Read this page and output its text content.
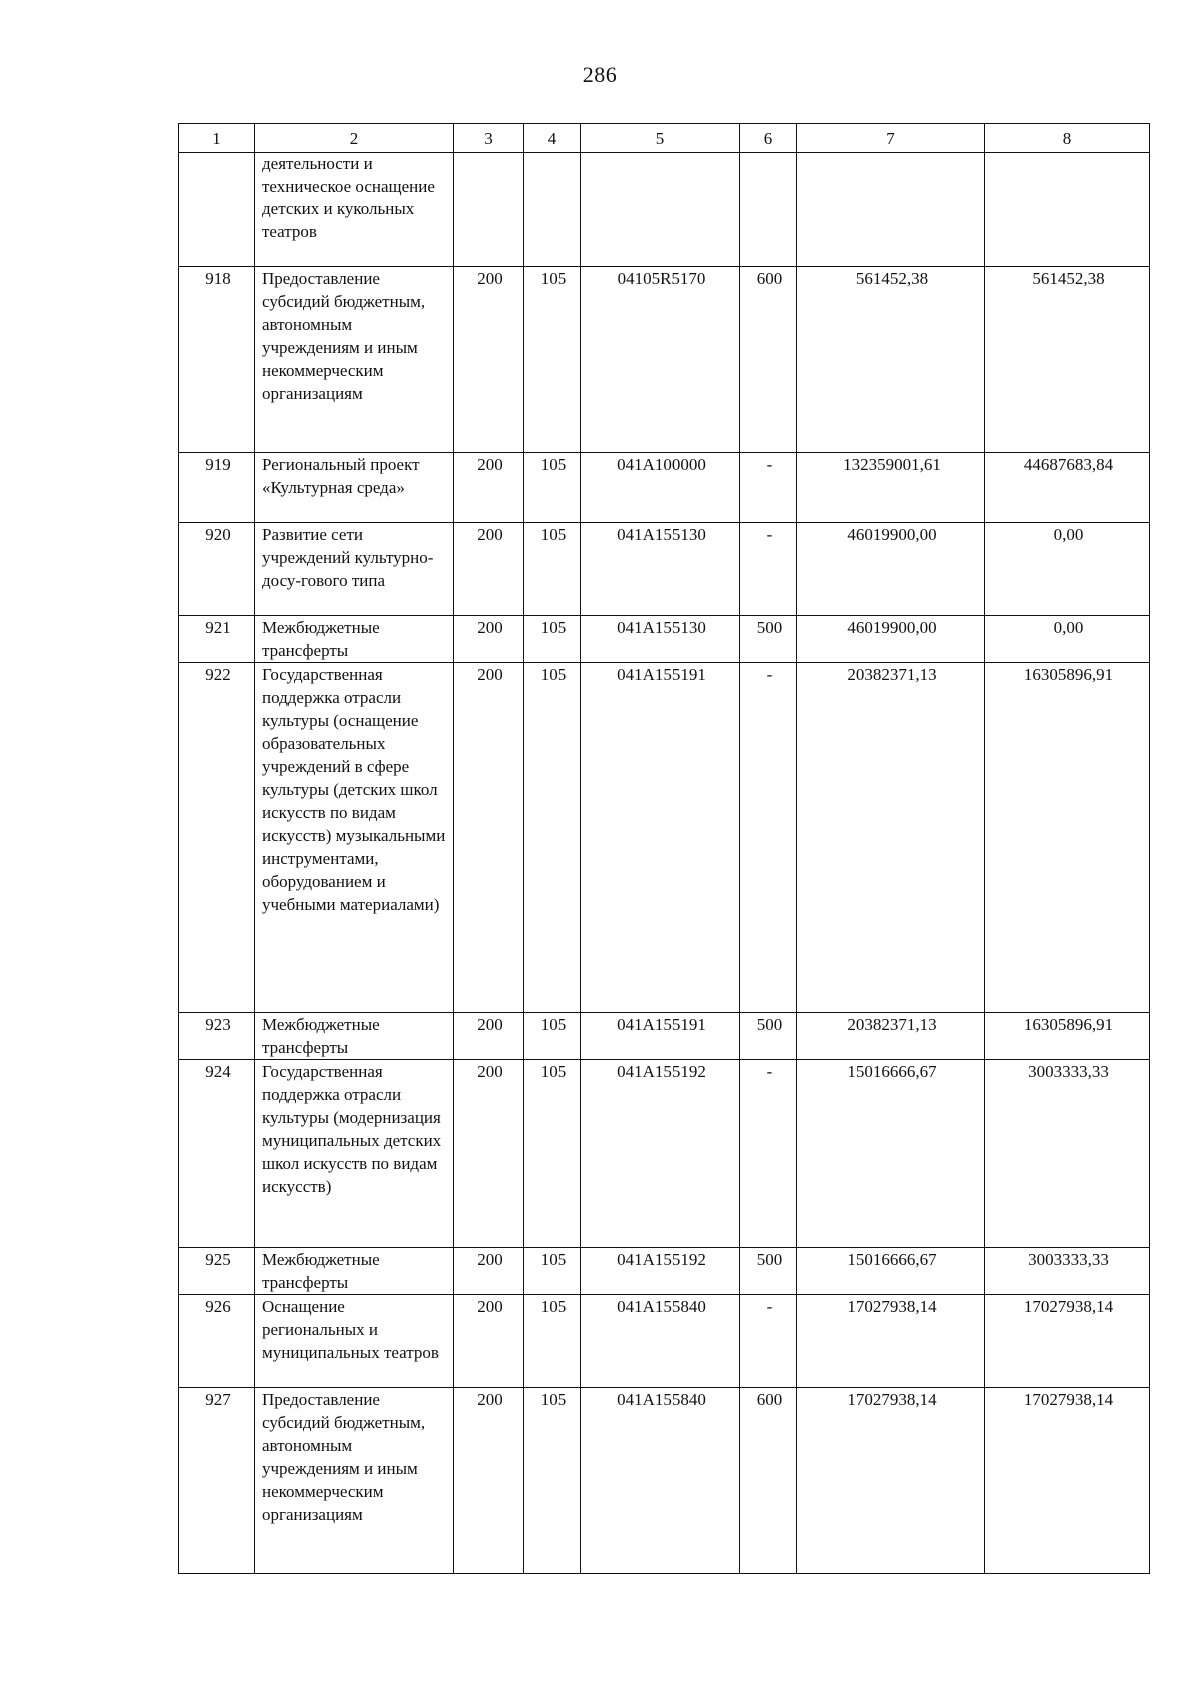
286
1	2	3	4	5	6	7	8
	деятельности и техническое оснащение детских и кукольных театров						
918	Предоставление субсидий бюджетным, автономным учреждениям и иным некоммерческим организациям	200	105	04105R5170	600	561452,38	561452,38
919	Региональный проект «Культурная среда»	200	105	041A100000	-	132359001,61	44687683,84
920	Развитие сети учреждений культурно-досу-гового типа	200	105	041A155130	-	46019900,00	0,00
921	Межбюджетные трансферты	200	105	041A155130	500	46019900,00	0,00
922	Государственная поддержка отрасли культуры (оснащение образовательных учреждений в сфере культуры (детских школ искусств по видам искусств) музыкальными инструментами, оборудованием и учебными материалами)	200	105	041A155191	-	20382371,13	16305896,91
923	Межбюджетные трансферты	200	105	041A155191	500	20382371,13	16305896,91
924	Государственная поддержка отрасли культуры (модернизация муниципальных детских школ искусств по видам искусств)	200	105	041A155192	-	15016666,67	3003333,33
925	Межбюджетные трансферты	200	105	041A155192	500	15016666,67	3003333,33
926	Оснащение региональных и муниципальных театров	200	105	041A155840	-	17027938,14	17027938,14
927	Предоставление субсидий бюджетным, автономным учреждениям и иным некоммерческим организациям	200	105	041A155840	600	17027938,14	17027938,14
